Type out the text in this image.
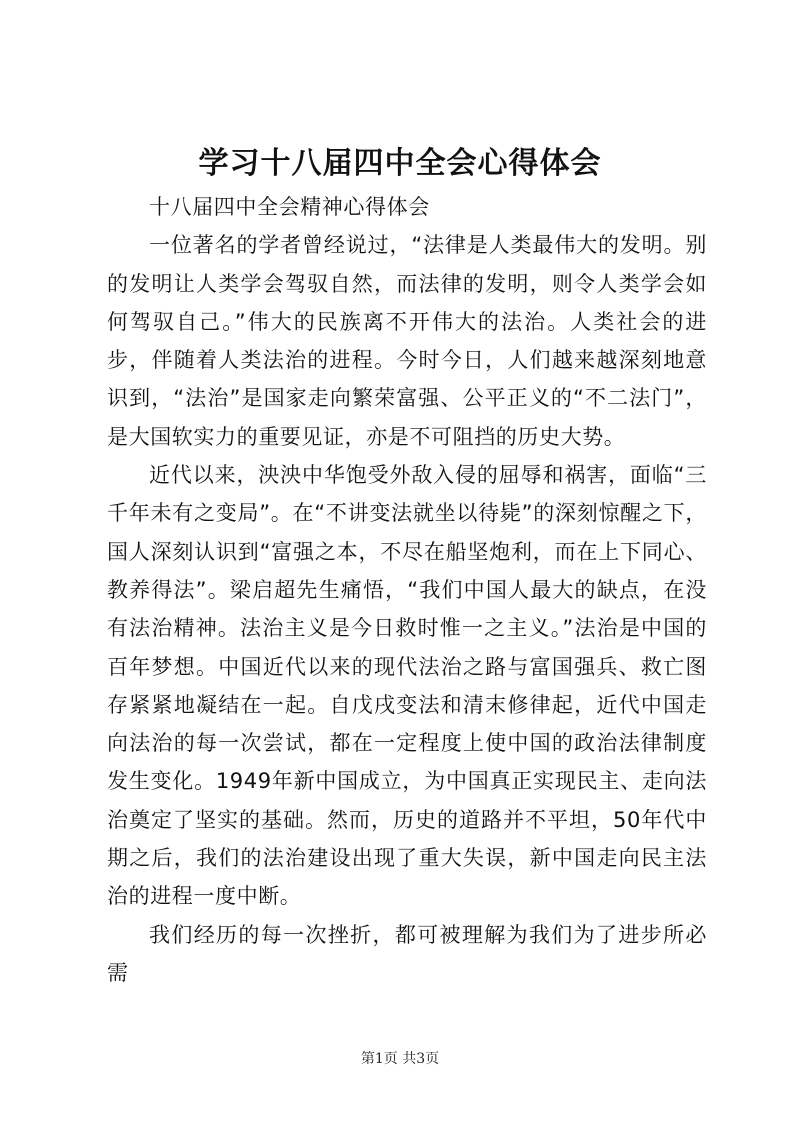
学习十八届四中全会心得体会

十八届四中全会精神心得体会

一位著名的学者曾经说过，“法律是人类最伟大的发明。别的发明让人类学会驾驭自然，而法律的发明，则令人类学会如何驾驭自己。”伟大的民族离不开伟大的法治。人类社会的进步，伴随着人类法治的进程。今时今日，人们越来越深刻地意识到，“法治”是国家走向繁荣富强、公平正义的“不二法门”，是大国软实力的重要见证，亦是不可阻挡的历史大势。

近代以来，泱泱中华饱受外敌入侵的屈辱和祸害，面临“三千年未有之变局”。在“不讲变法就坐以待毙”的深刻惊醒之下，国人深刻认识到“富强之本，不尽在船坚炮利，而在上下同心、教养得法”。梁启超先生痛悟，“我们中国人最大的缺点，在没有法治精神。法治主义是今日救时惟一之主义。”法治是中国的百年梦想。中国近代以来的现代法治之路与富国强兵、救亡图存紧紧地凝结在一起。自戊戌变法和清末修律起，近代中国走向法治的每一次尝试，都在一定程度上使中国的政治法律制度发生变化。1949年新中国成立，为中国真正实现民主、走向法治奠定了坚实的基础。然而，历史的道路并不平坦，50年代中期之后，我们的法治建设出现了重大失误，新中国走向民主法治的进程一度中断。

我们经历的每一次挫折，都可被理解为我们为了进步所必需

第1页 共3页
